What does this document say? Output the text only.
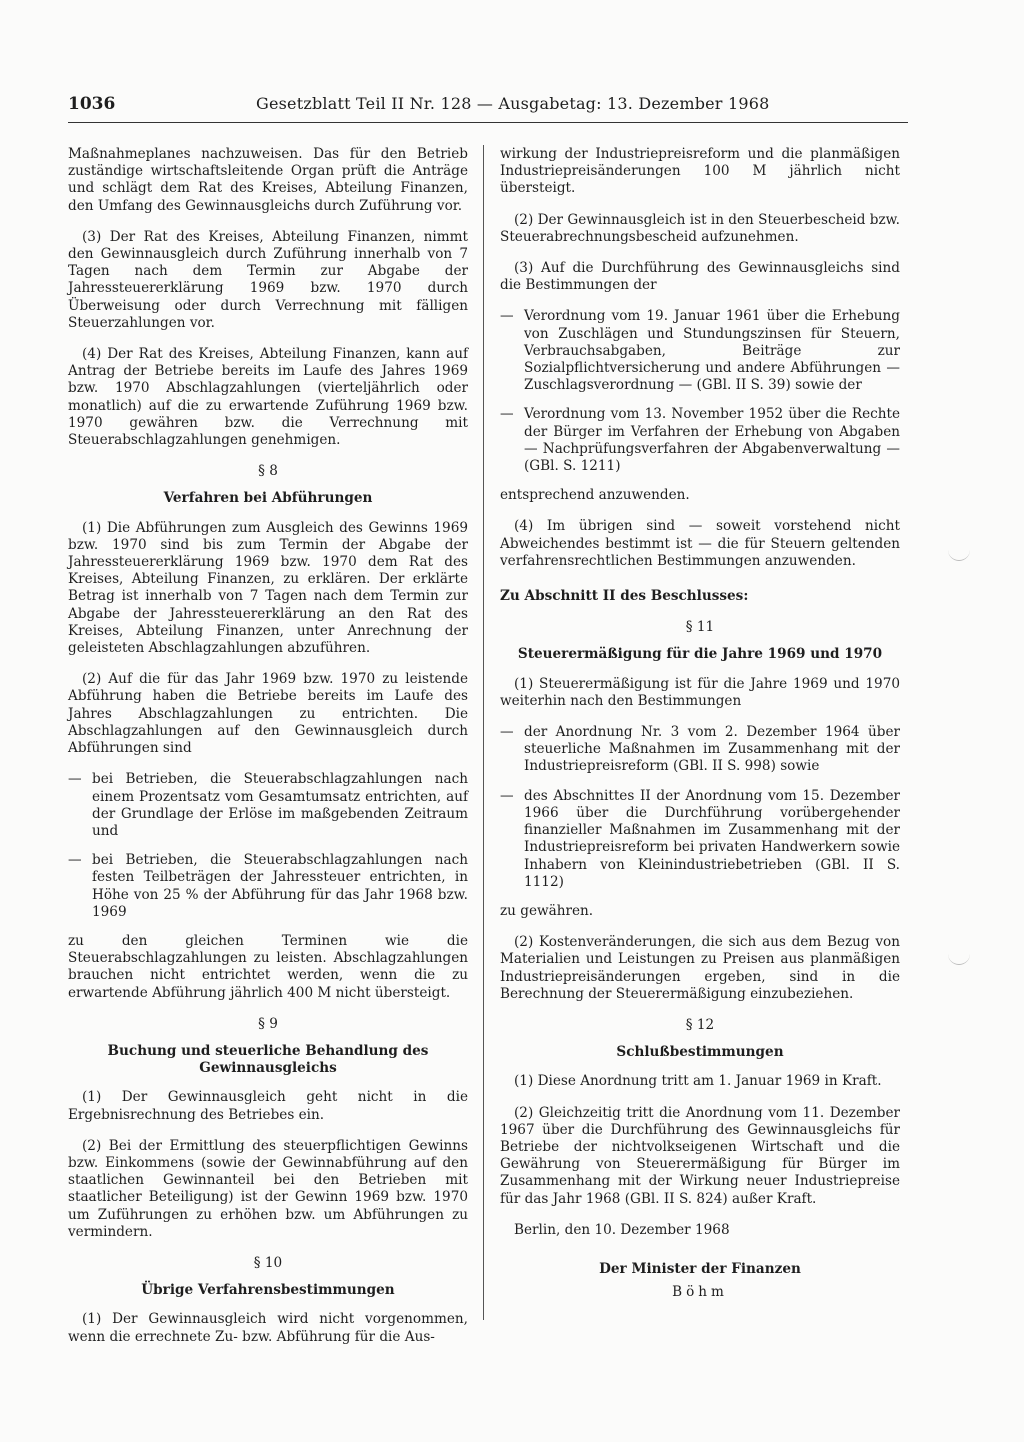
1036	Gesetzblatt Teil II Nr. 128 — Ausgabetag: 13. Dezember 1968

Maßnahmeplanes nachzuweisen. Das für den Betrieb zuständige wirtschaftsleitende Organ prüft die Anträge und schlägt dem Rat des Kreises, Abteilung Finanzen, den Umfang des Gewinnausgleichs durch Zuführung vor.

(3) Der Rat des Kreises, Abteilung Finanzen, nimmt den Gewinnausgleich durch Zuführung innerhalb von 7 Tagen nach dem Termin zur Abgabe der Jahressteuererklärung 1969 bzw. 1970 durch Überweisung oder durch Verrechnung mit fälligen Steuerzahlungen vor.

(4) Der Rat des Kreises, Abteilung Finanzen, kann auf Antrag der Betriebe bereits im Laufe des Jahres 1969 bzw. 1970 Abschlagzahlungen (vierteljährlich oder monatlich) auf die zu erwartende Zuführung 1969 bzw. 1970 gewähren bzw. die Verrechnung mit Steuerabschlagzahlungen genehmigen.

§ 8
Verfahren bei Abführungen

(1) Die Abführungen zum Ausgleich des Gewinns 1969 bzw. 1970 sind bis zum Termin der Abgabe der Jahressteuererklärung 1969 bzw. 1970 dem Rat des Kreises, Abteilung Finanzen, zu erklären. Der erklärte Betrag ist innerhalb von 7 Tagen nach dem Termin zur Abgabe der Jahressteuererklärung an den Rat des Kreises, Abteilung Finanzen, unter Anrechnung der geleisteten Abschlagzahlungen abzuführen.

(2) Auf die für das Jahr 1969 bzw. 1970 zu leistende Abführung haben die Betriebe bereits im Laufe des Jahres Abschlagzahlungen zu entrichten. Die Abschlagzahlungen auf den Gewinnausgleich durch Abführungen sind

— bei Betrieben, die Steuerabschlagzahlungen nach einem Prozentsatz vom Gesamtumsatz entrichten, auf der Grundlage der Erlöse im maßgebenden Zeitraum und
— bei Betrieben, die Steuerabschlagzahlungen nach festen Teilbeträgen der Jahressteuer entrichten, in Höhe von 25 % der Abführung für das Jahr 1968 bzw. 1969

zu den gleichen Terminen wie die Steuerabschlagzahlungen zu leisten. Abschlagzahlungen brauchen nicht entrichtet werden, wenn die zu erwartende Abführung jährlich 400 M nicht übersteigt.

§ 9
Buchung und steuerliche Behandlung des Gewinnausgleichs

(1) Der Gewinnausgleich geht nicht in die Ergebnisrechnung des Betriebes ein.

(2) Bei der Ermittlung des steuerpflichtigen Gewinns bzw. Einkommens (sowie der Gewinnabführung auf den staatlichen Gewinnanteil bei den Betrieben mit staatlicher Beteiligung) ist der Gewinn 1969 bzw. 1970 um Zuführungen zu erhöhen bzw. um Abführungen zu vermindern.

§ 10
Übrige Verfahrensbestimmungen

(1) Der Gewinnausgleich wird nicht vorgenommen, wenn die errechnete Zu- bzw. Abführung für die Aus-

wirkung der Industriepreisreform und die planmäßigen Industriepreisänderungen 100 M jährlich nicht übersteigt.

(2) Der Gewinnausgleich ist in den Steuerbescheid bzw. Steuerabrechnungsbescheid aufzunehmen.

(3) Auf die Durchführung des Gewinnausgleichs sind die Bestimmungen der

— Verordnung vom 19. Januar 1961 über die Erhebung von Zuschlägen und Stundungszinsen für Steuern, Verbrauchsabgaben, Beiträge zur Sozialpflichtversicherung und andere Abführungen — Zuschlagsverordnung — (GBl. II S. 39) sowie der
— Verordnung vom 13. November 1952 über die Rechte der Bürger im Verfahren der Erhebung von Abgaben — Nachprüfungsverfahren der Abgabenverwaltung — (GBl. S. 1211)

entsprechend anzuwenden.

(4) Im übrigen sind — soweit vorstehend nicht Abweichendes bestimmt ist — die für Steuern geltenden verfahrensrechtlichen Bestimmungen anzuwenden.

Zu Abschnitt II des Beschlusses:
§ 11
Steuerermäßigung für die Jahre 1969 und 1970

(1) Steuerermäßigung ist für die Jahre 1969 und 1970 weiterhin nach den Bestimmungen

— der Anordnung Nr. 3 vom 2. Dezember 1964 über steuerliche Maßnahmen im Zusammenhang mit der Industriepreisreform (GBl. II S. 998) sowie
— des Abschnittes II der Anordnung vom 15. Dezember 1966 über die Durchführung vorübergehender finanzieller Maßnahmen im Zusammenhang mit der Industriepreisreform bei privaten Handwerkern sowie Inhabern von Kleinindustriebetrieben (GBl. II S. 1112)

zu gewähren.

(2) Kostenveränderungen, die sich aus dem Bezug von Materialien und Leistungen zu Preisen aus planmäßigen Industriepreisänderungen ergeben, sind in die Berechnung der Steuerermäßigung einzubeziehen.

§ 12
Schlußbestimmungen

(1) Diese Anordnung tritt am 1. Januar 1969 in Kraft.

(2) Gleichzeitig tritt die Anordnung vom 11. Dezember 1967 über die Durchführung des Gewinnausgleichs für Betriebe der nichtvolkseigenen Wirtschaft und die Gewährung von Steuerermäßigung für Bürger im Zusammenhang mit der Wirkung neuer Industriepreise für das Jahr 1968 (GBl. II S. 824) außer Kraft.

Berlin, den 10. Dezember 1968

Der Minister der Finanzen
Böhm
